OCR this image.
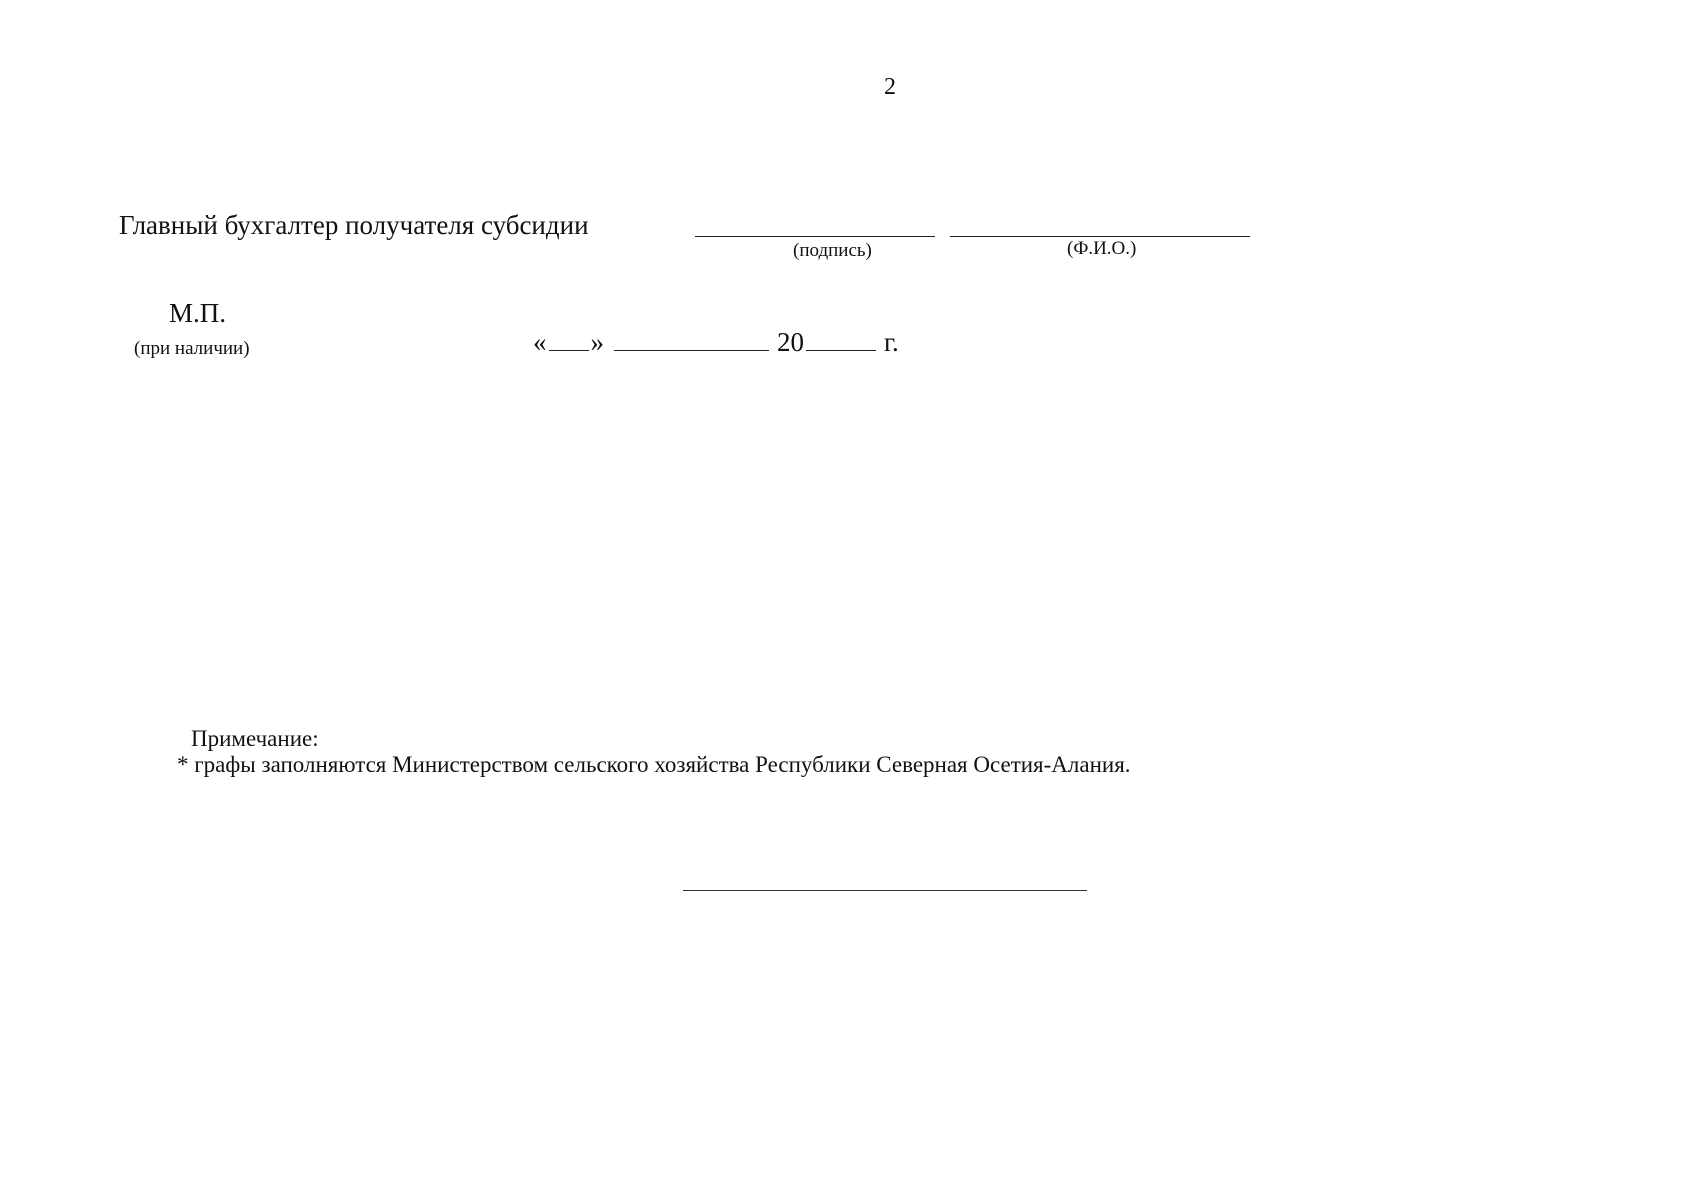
2
Главный бухгалтер получателя субсидии
(подпись)	(Ф.И.О.)
М.П.
(при наличии)	« »	20	г.
Примечание:
* графы заполняются Министерством сельского хозяйства Республики Северная Осетия-Алания.
